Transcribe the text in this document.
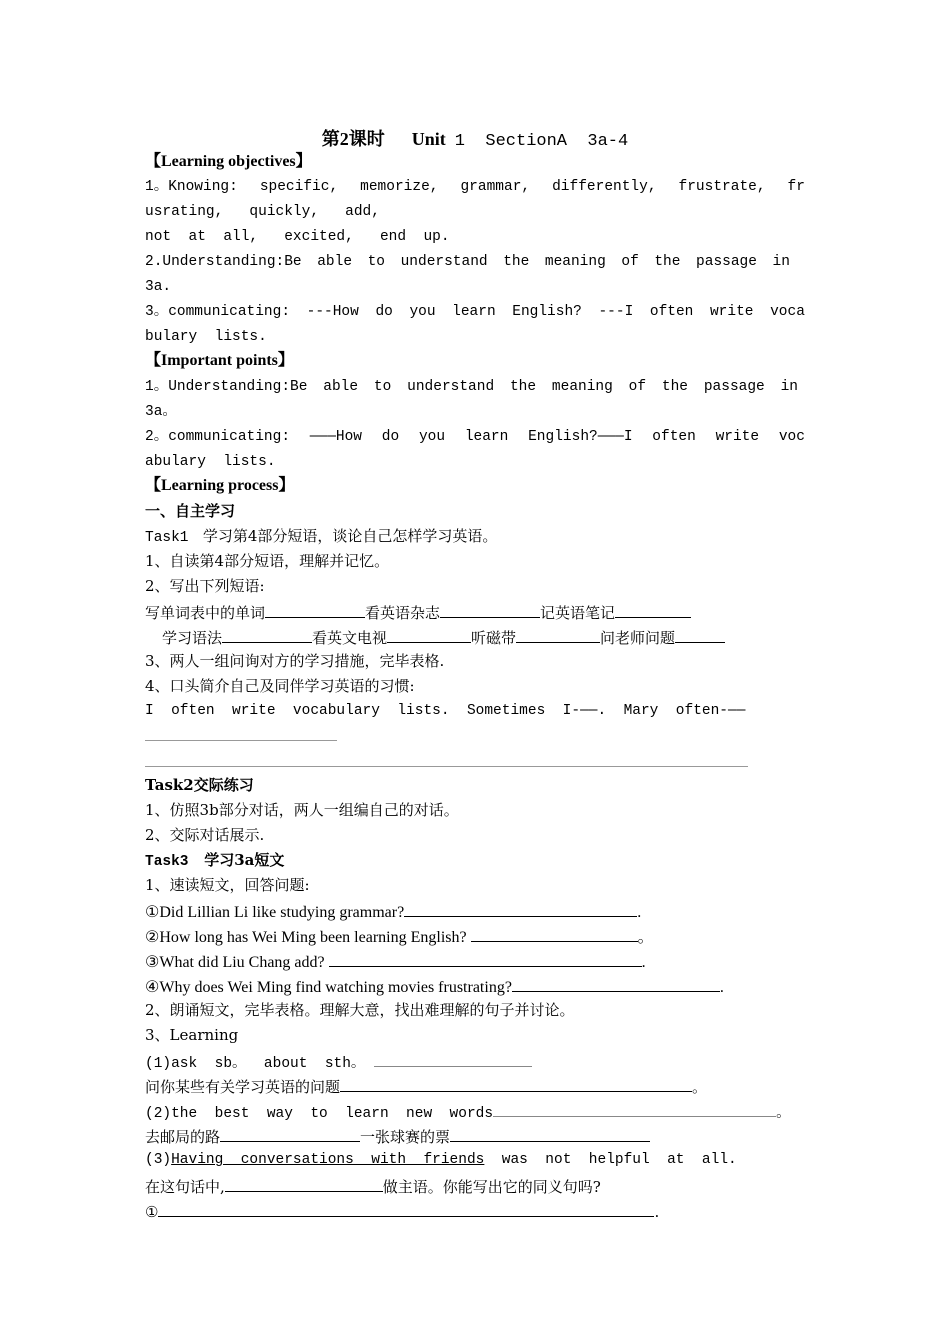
第2课时 Unit 1  SectionA  3a-4
【Learning objectives】
1。Knowing: specific, memorize, grammar, differently, frustrate, fr
usrating,   quickly,   add,
not  at  all,   excited,   end  up.
2.Understanding:Be able to understand the meaning of the passage in
3a.
3。communicating: ---How do you learn English? ---I often write voca
bulary  lists.
【Important points】
1。Understanding:Be able to understand the meaning of the passage in
3a。
2。communicating: ———How do you learn English?———I often write voc
abulary  lists.
【Learning process】
一、自主学习
Task1 学习第4部分短语，谈论自己怎样学习英语。
1、自读第4部分短语，理解并记忆。
2、写出下列短语:
写单词表中的单词	看英语杂志	记英语笔记
学习语法	看英文电视	听磁带	问老师问题
3、两人一组问询对方的学习措施，完毕表格.
4、口头简介自己及同伴学习英语的习惯:
I  often  write  vocabulary  lists.  Sometimes  I-——.  Mary  often-——
Task2交际练习
1、仿照3b部分对话，两人一组编自己的对话。
2、交际对话展示.
Task3 学习3a短文
1、速读短文，回答问题:
①Did Lillian Li like studying grammar?	.
②How long has Wei Ming been learning English?	。
③What did Liu Chang add?	.
④Why does Wei Ming find watching movies frustrating?	.
2、朗诵短文，完毕表格。理解大意，找出难理解的句子并讨论。
3、Learning
(1)ask  sb。  about  sth。
问你某些有关学习英语的问题	。
(2)the  best  way  to  learn  new  words	。
去邮局的路	一张球赛的票
(3)Having  conversations  with  friends  was  not  helpful  at  all.
在这句话中,	做主语。你能写出它的同义句吗?
①	.
